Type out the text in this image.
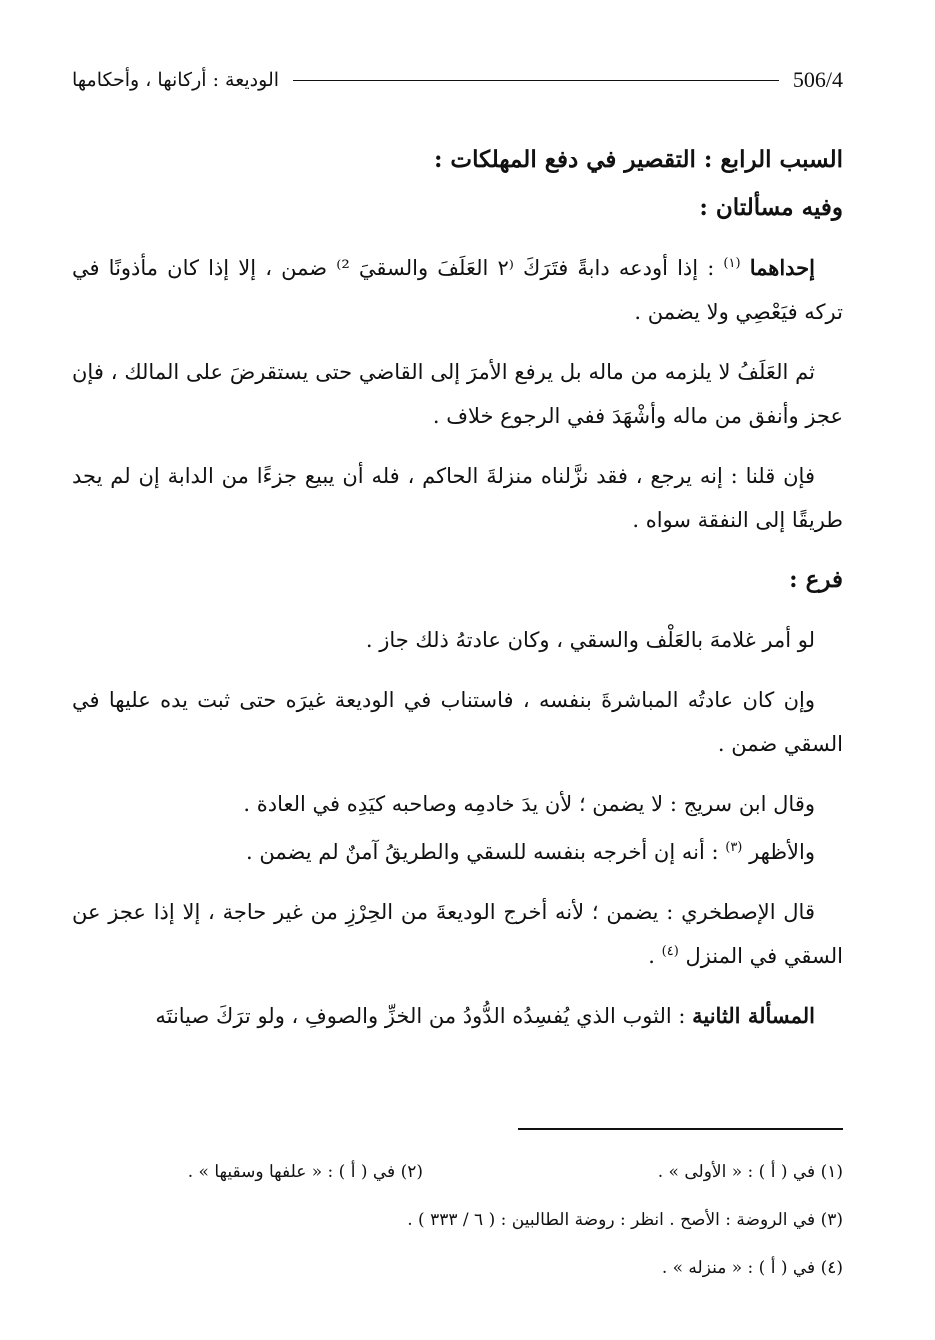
506/4
الوديعة : أركانها ، وأحكامها

السبب الرابع : التقصير في دفع المهلكات :

وفيه مسألتان :

إحداهما $^{(١)}$ : إذا أودعه دابةً فتَرَكَ ⁽٢ العَلَفَ والسقيَ ²⁾ ضمن ، إلا إذا كان مأذونًا في تركه فيَعْصِي ولا يضمن .

ثم العَلَفُ لا يلزمه من ماله بل يرفع الأمرَ إلى القاضي حتى يستقرضَ على المالك ، فإن عجز وأنفق من ماله وأشْهَدَ ففي الرجوع خلاف .

فإن قلنا : إنه يرجع ، فقد نزَّلناه منزلةَ الحاكم ، فله أن يبيع جزءًا من الدابة إن لم يجد طريقًا إلى النفقة سواه .

فرع :

لو أمر غلامهَ بالعَلْف والسقي ، وكان عادتهُ ذلك جاز .

وإن كان عادتُه المباشرةَ بنفسه ، فاستناب في الوديعة غيرَه حتى ثبت يده عليها في السقي ضمن .

وقال ابن سريج : لا يضمن ؛ لأن يدَ خادمِه وصاحبه كيَدِه في العادة .

والأظهر $^{(٣)}$ : أنه إن أخرجه بنفسه للسقي والطريقُ آمنٌ لم يضمن .

قال الإصطخري : يضمن ؛ لأنه أخرج الوديعةَ من الحِرْزِ من غير حاجة ، إلا إذا عجز عن السقي في المنزل $^{(٤)}$ .

المسألة الثانية : الثوب الذي يُفسِدُه الدُّودُ من الخزِّ والصوفِ ، ولو ترَكَ صيانتَه

(١) في ( أ ) : « الأولى » .
(٢) في ( أ ) : « علفها وسقيها » .
(٣) في الروضة : الأصح . انظر : روضة الطالبين : ( ٦ / ٣٣٣ ) .
(٤) في ( أ ) : « منزله » .
